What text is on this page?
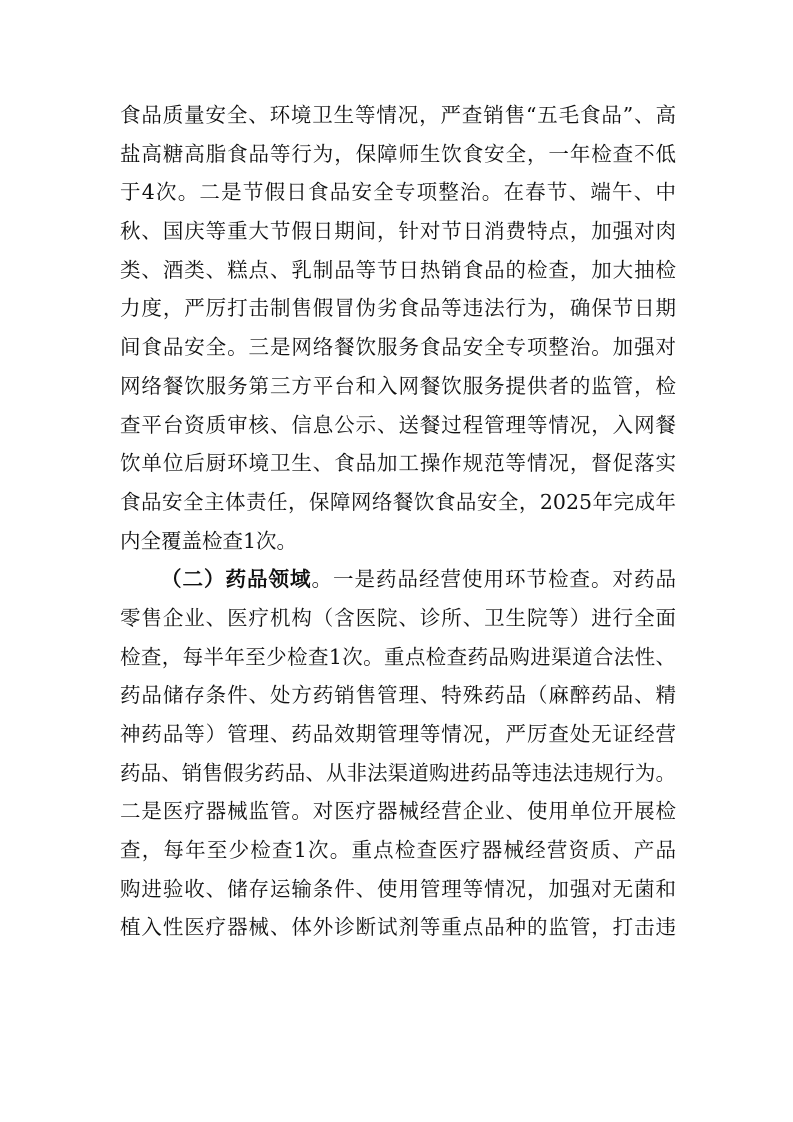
食品质量安全、环境卫生等情况，严查销售“五毛食品”、高
盐高糖高脂食品等行为，保障师生饮食安全，一年检查不低
于4次。二是节假日食品安全专项整治。在春节、端午、中
秋、国庆等重大节假日期间，针对节日消费特点，加强对肉
类、酒类、糕点、乳制品等节日热销食品的检查，加大抽检
力度，严厉打击制售假冒伪劣食品等违法行为，确保节日期
间食品安全。三是网络餐饮服务食品安全专项整治。加强对
网络餐饮服务第三方平台和入网餐饮服务提供者的监管，检
查平台资质审核、信息公示、送餐过程管理等情况，入网餐
饮单位后厨环境卫生、食品加工操作规范等情况，督促落实
食品安全主体责任，保障网络餐饮食品安全，2025年完成年
内全覆盖检查1次。
（二）药品领域。一是药品经营使用环节检查。对药品
零售企业、医疗机构（含医院、诊所、卫生院等）进行全面
检查，每半年至少检查1次。重点检查药品购进渠道合法性、
药品储存条件、处方药销售管理、特殊药品（麻醉药品、精
神药品等）管理、药品效期管理等情况，严厉查处无证经营
药品、销售假劣药品、从非法渠道购进药品等违法违规行为。
二是医疗器械监管。对医疗器械经营企业、使用单位开展检
查，每年至少检查1次。重点检查医疗器械经营资质、产品
购进验收、储存运输条件、使用管理等情况，加强对无菌和
植入性医疗器械、体外诊断试剂等重点品种的监管，打击违
